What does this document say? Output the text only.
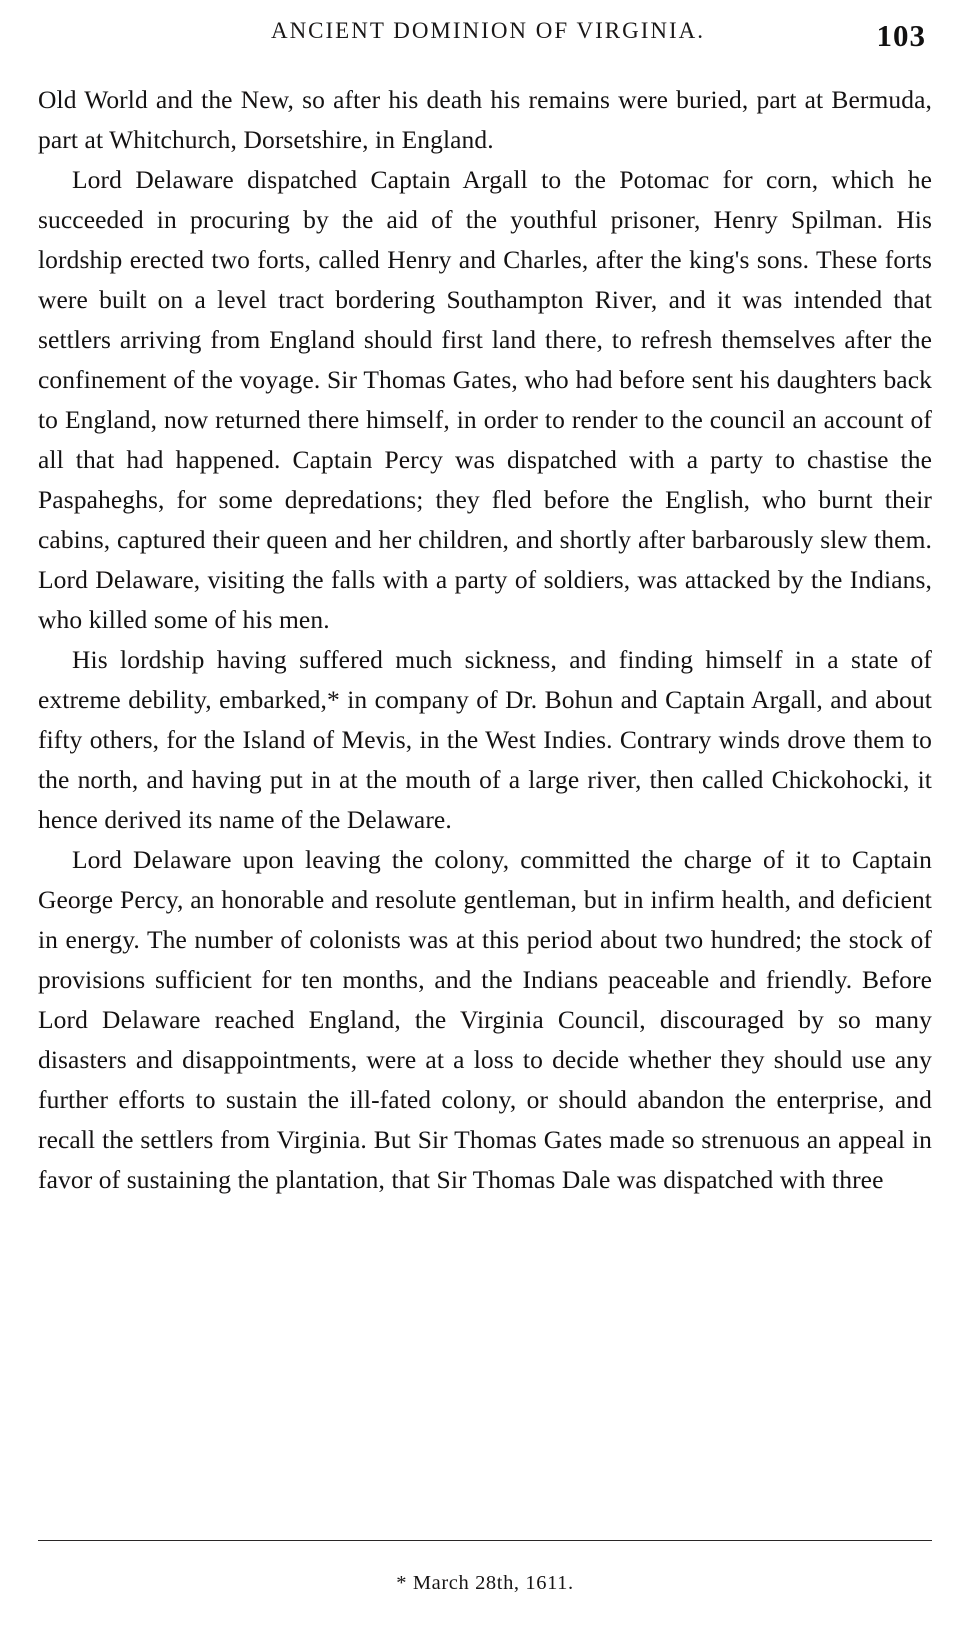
ANCIENT DOMINION OF VIRGINIA.	103

Old World and the New, so after his death his remains were buried, part at Bermuda, part at Whitchurch, Dorsetshire, in England.

Lord Delaware dispatched Captain Argall to the Potomac for corn, which he succeeded in procuring by the aid of the youthful prisoner, Henry Spilman. His lordship erected two forts, called Henry and Charles, after the king's sons. These forts were built on a level tract bordering Southampton River, and it was intended that settlers arriving from England should first land there, to refresh themselves after the confinement of the voyage. Sir Thomas Gates, who had before sent his daughters back to England, now returned there himself, in order to render to the council an account of all that had happened. Captain Percy was dispatched with a party to chastise the Paspaheghs, for some depredations; they fled before the English, who burnt their cabins, captured their queen and her children, and shortly after barbarously slew them. Lord Delaware, visiting the falls with a party of soldiers, was attacked by the Indians, who killed some of his men.

His lordship having suffered much sickness, and finding himself in a state of extreme debility, embarked,* in company of Dr. Bohun and Captain Argall, and about fifty others, for the Island of Mevis, in the West Indies. Contrary winds drove them to the north, and having put in at the mouth of a large river, then called Chickohocki, it hence derived its name of the Delaware.

Lord Delaware upon leaving the colony, committed the charge of it to Captain George Percy, an honorable and resolute gentleman, but in infirm health, and deficient in energy. The number of colonists was at this period about two hundred; the stock of provisions sufficient for ten months, and the Indians peaceable and friendly. Before Lord Delaware reached England, the Virginia Council, discouraged by so many disasters and disappointments, were at a loss to decide whether they should use any further efforts to sustain the ill-fated colony, or should abandon the enterprise, and recall the settlers from Virginia. But Sir Thomas Gates made so strenuous an appeal in favor of sustaining the plantation, that Sir Thomas Dale was dispatched with three

* March 28th, 1611.
